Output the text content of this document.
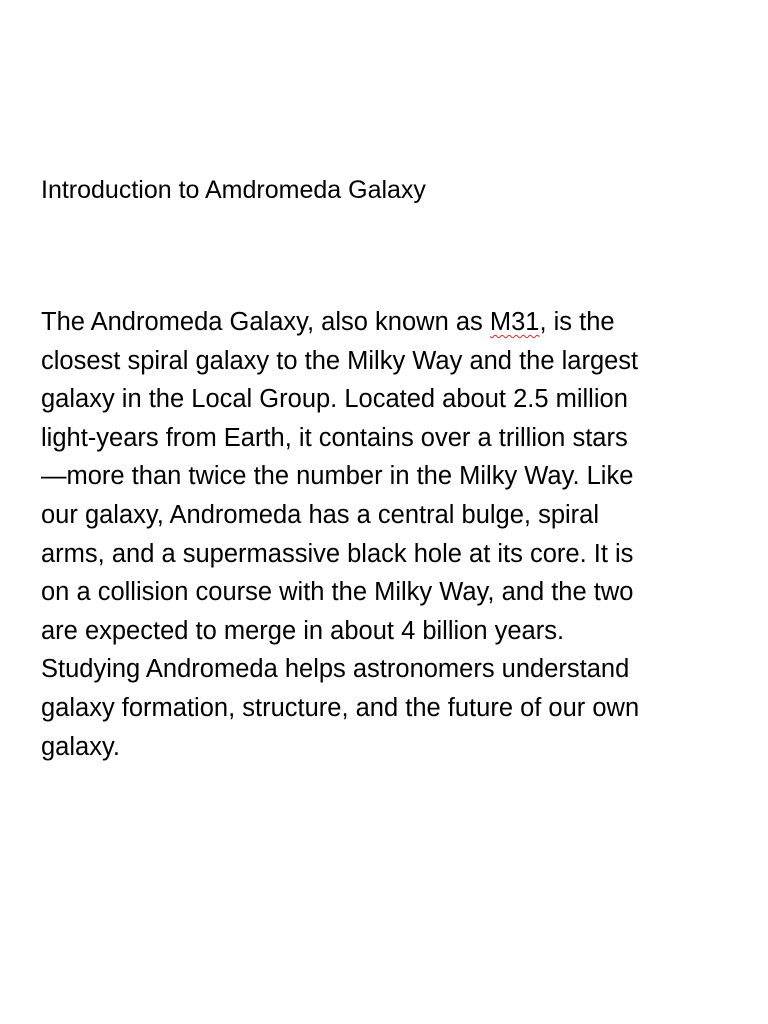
Introduction to Amdromeda Galaxy

The Andromeda Galaxy, also known as M31, is the
closest spiral galaxy to the Milky Way and the largest
galaxy in the Local Group. Located about 2.5 million
light-years from Earth, it contains over a trillion stars
—more than twice the number in the Milky Way. Like
our galaxy, Andromeda has a central bulge, spiral
arms, and a supermassive black hole at its core. It is
on a collision course with the Milky Way, and the two
are expected to merge in about 4 billion years.
Studying Andromeda helps astronomers understand
galaxy formation, structure, and the future of our own
galaxy.
